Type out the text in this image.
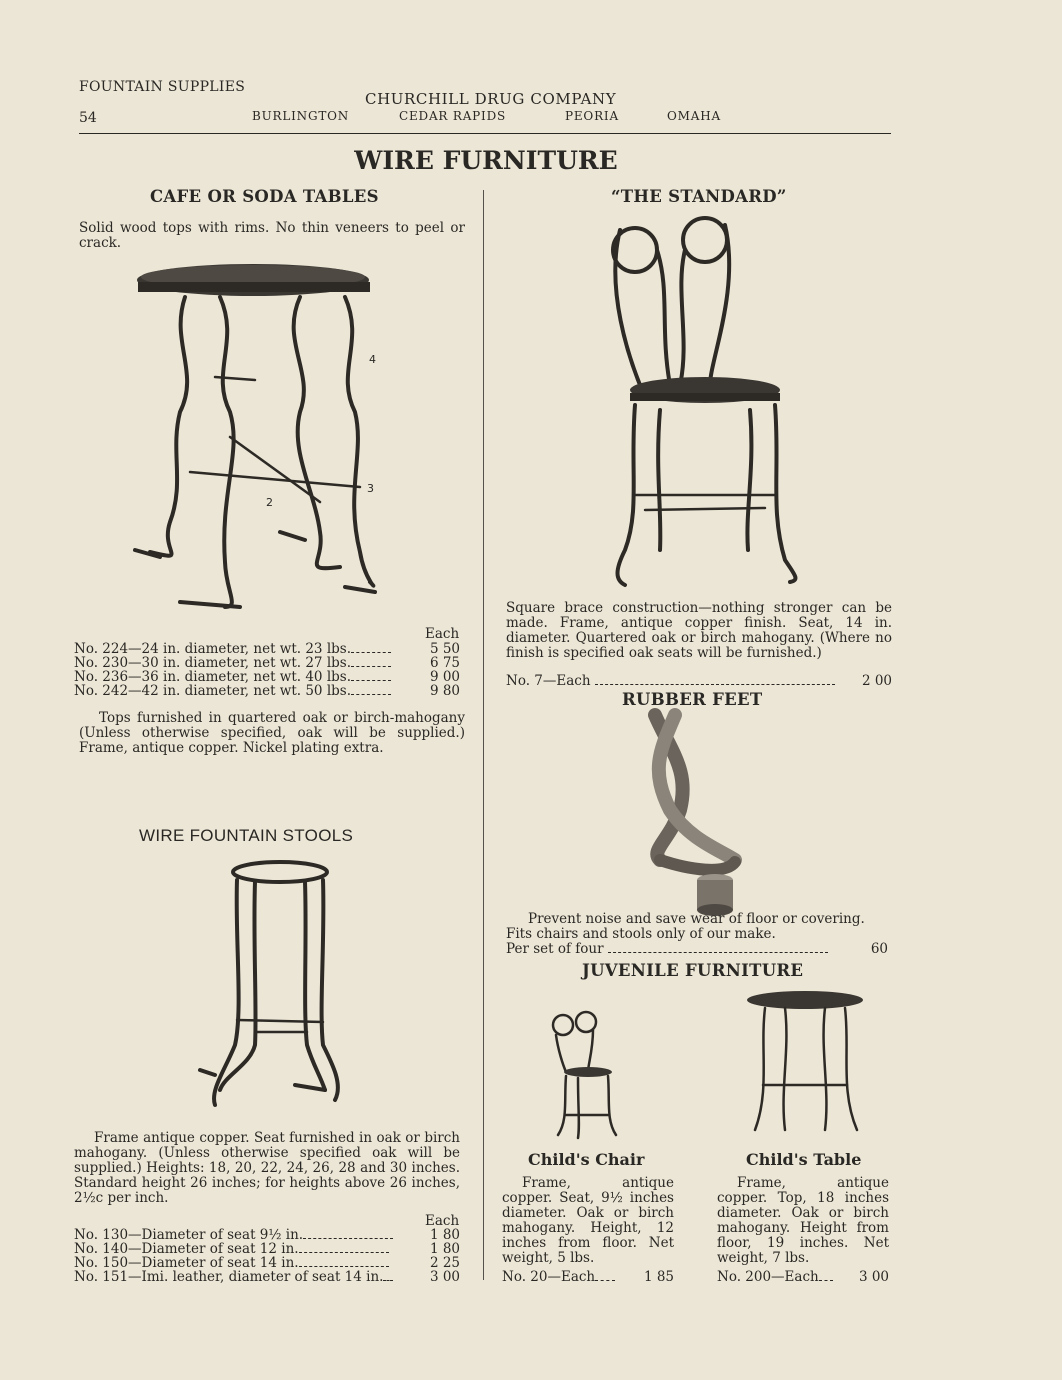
FOUNTAIN SUPPLIES
54
CHURCHILL DRUG COMPANY
BURLINGTON	CEDAR RAPIDS	PEORIA	OMAHA
WIRE FURNITURE
CAFE OR SODA TABLES
Solid wood tops with rims. No thin veneers to peel or crack.
4
2
3
Each
No. 224—24 in. diameter, net wt. 23 lbs.	5 50
No. 230—30 in. diameter, net wt. 27 lbs.	6 75
No. 236—36 in. diameter, net wt. 40 lbs.	9 00
No. 242—42 in. diameter, net wt. 50 lbs.	9 80
Tops furnished in quartered oak or birch-mahogany (Unless otherwise specified, oak will be supplied.) Frame, antique copper. Nickel plating extra.
WIRE FOUNTAIN STOOLS
Frame antique copper. Seat furnished in oak or birch mahogany. (Unless otherwise specified oak will be supplied.) Heights: 18, 20, 22, 24, 26, 28 and 30 inches. Standard height 26 inches; for heights above 26 inches, 2½c per inch.
Each
No. 130—Diameter of seat 9½ in.	1 80
No. 140—Diameter of seat 12 in.	1 80
No. 150—Diameter of seat 14 in.	2 25
No. 151—Imi. leather, diameter of seat 14 in.	3 00
“THE STANDARD”
Square brace construction—nothing stronger can be made. Frame, antique copper finish. Seat, 14 in. diameter. Quartered oak or birch mahogany. (Where no finish is specified oak seats will be furnished.)
No. 7—Each	2 00
RUBBER FEET
Prevent noise and save wear of floor or covering. Fits chairs and stools only of our make.
Per set of four	60
JUVENILE FURNITURE
Child's Chair	Child's Table
Frame, antique copper. Seat, 9½ inches diameter. Oak or birch mahogany. Height, 12 inches from floor. Net weight, 5 lbs.
Frame, antique copper. Top, 18 inches diameter. Oak or birch mahogany. Height from floor, 19 inches. Net weight, 7 lbs.
No. 20—Each	1 85	No. 200—Each	3 00
